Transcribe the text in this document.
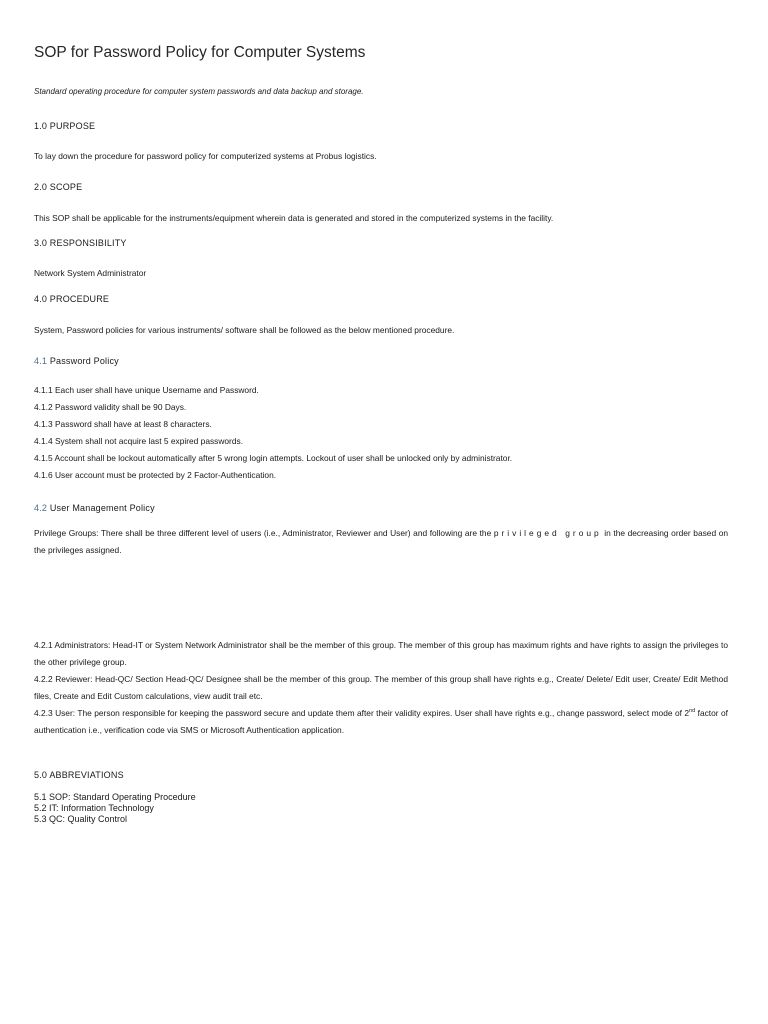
SOP for Password Policy for Computer Systems

Standard operating procedure for computer system passwords and data backup and storage.

1.0 PURPOSE

To lay down the procedure for password policy for computerized systems at Probus logistics.

2.0 SCOPE

This SOP shall be applicable for the instruments/equipment wherein data is generated and stored in the computerized systems in the facility.

3.0 RESPONSIBILITY

Network System Administrator

4.0 PROCEDURE

System, Password policies for various instruments/ software shall be followed as the below mentioned procedure.

4.1 Password Policy

4.1.1 Each user shall have unique Username and Password.
4.1.2 Password validity shall be 90 Days.
4.1.3 Password shall have at least 8 characters.
4.1.4 System shall not acquire last 5 expired passwords.
4.1.5 Account shall be lockout automatically after 5 wrong login attempts. Lockout of user shall be unlocked only by administrator.
4.1.6 User account must be protected by 2 Factor-Authentication.

4.2 User Management Policy

Privilege Groups: There shall be three different level of users (i.e., Administrator, Reviewer and User) and following are the privileged group in the decreasing order based on the privileges assigned.

4.2.1 Administrators: Head-IT or System Network Administrator shall be the member of this group. The member of this group has maximum rights and have rights to assign the privileges to the other privilege group.
4.2.2 Reviewer: Head-QC/ Section Head-QC/ Designee shall be the member of this group. The member of this group shall have rights e.g., Create/ Delete/ Edit user, Create/ Edit Method files, Create and Edit Custom calculations, view audit trail etc.
4.2.3 User: The person responsible for keeping the password secure and update them after their validity expires. User shall have rights e.g., change password, select mode of 2nd factor of authentication i.e., verification code via SMS or Microsoft Authentication application.

5.0 ABBREVIATIONS

5.1 SOP: Standard Operating Procedure
5.2 IT: Information Technology
5.3 QC: Quality Control
